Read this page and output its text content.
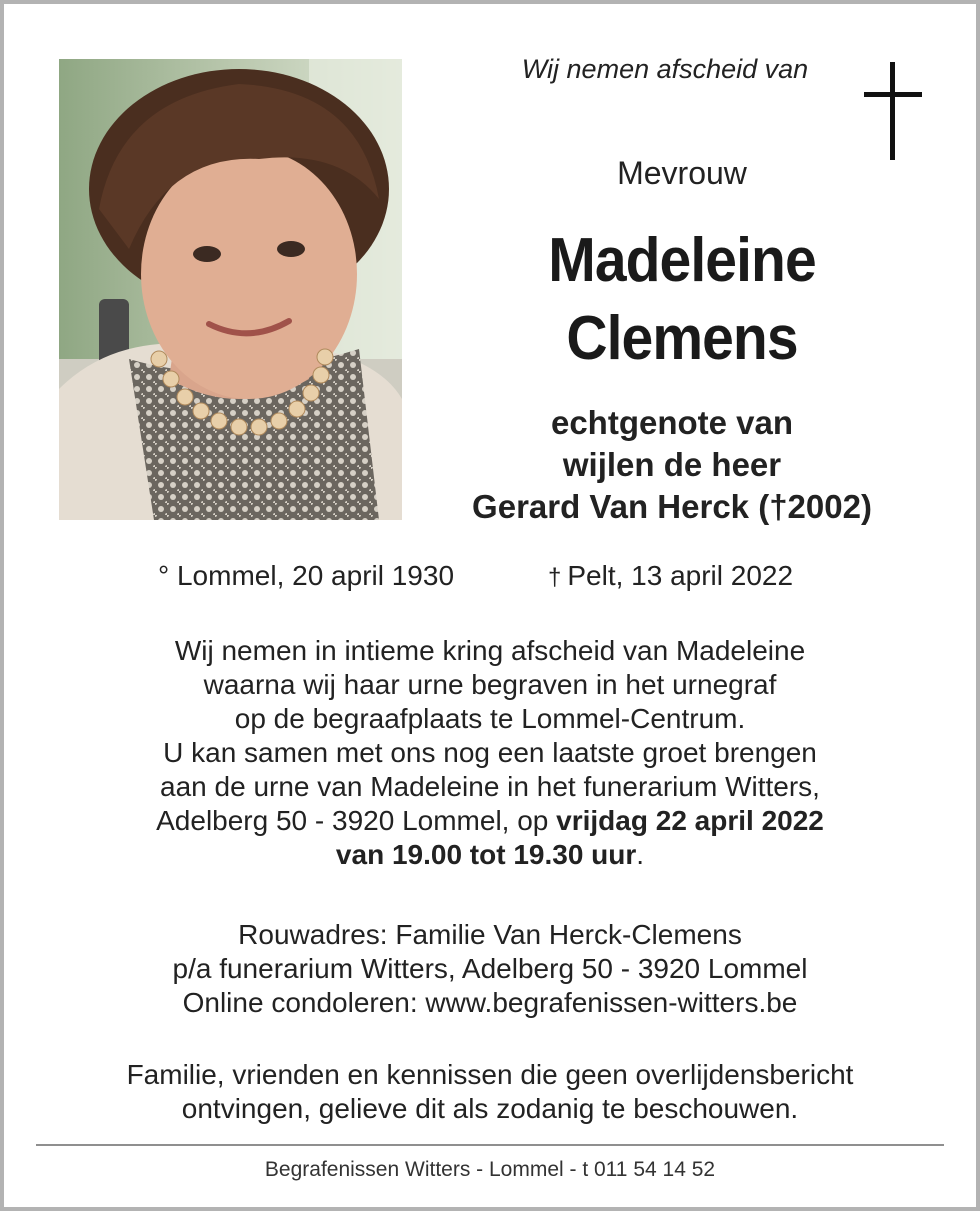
Wij nemen afscheid van
Mevrouw
Madeleine
Clemens
echtgenote van
wijlen de heer
Gerard Van Herck (†2002)
° Lommel, 20 april 1930	† Pelt, 13 april 2022
Wij nemen in intieme kring afscheid van Madeleine
waarna wij haar urne begraven in het urnegraf
op de begraafplaats te Lommel-Centrum.
U kan samen met ons nog een laatste groet brengen
aan de urne van Madeleine in het funerarium Witters,
Adelberg 50 - 3920 Lommel, op vrijdag 22 april 2022
van 19.00 tot 19.30 uur.
Rouwadres: Familie Van Herck-Clemens
p/a funerarium Witters, Adelberg 50 - 3920 Lommel
Online condoleren: www.begrafenissen-witters.be
Familie, vrienden en kennissen die geen overlijdensbericht
ontvingen, gelieve dit als zodanig te beschouwen.
Begrafenissen Witters - Lommel - t 011 54 14 52
